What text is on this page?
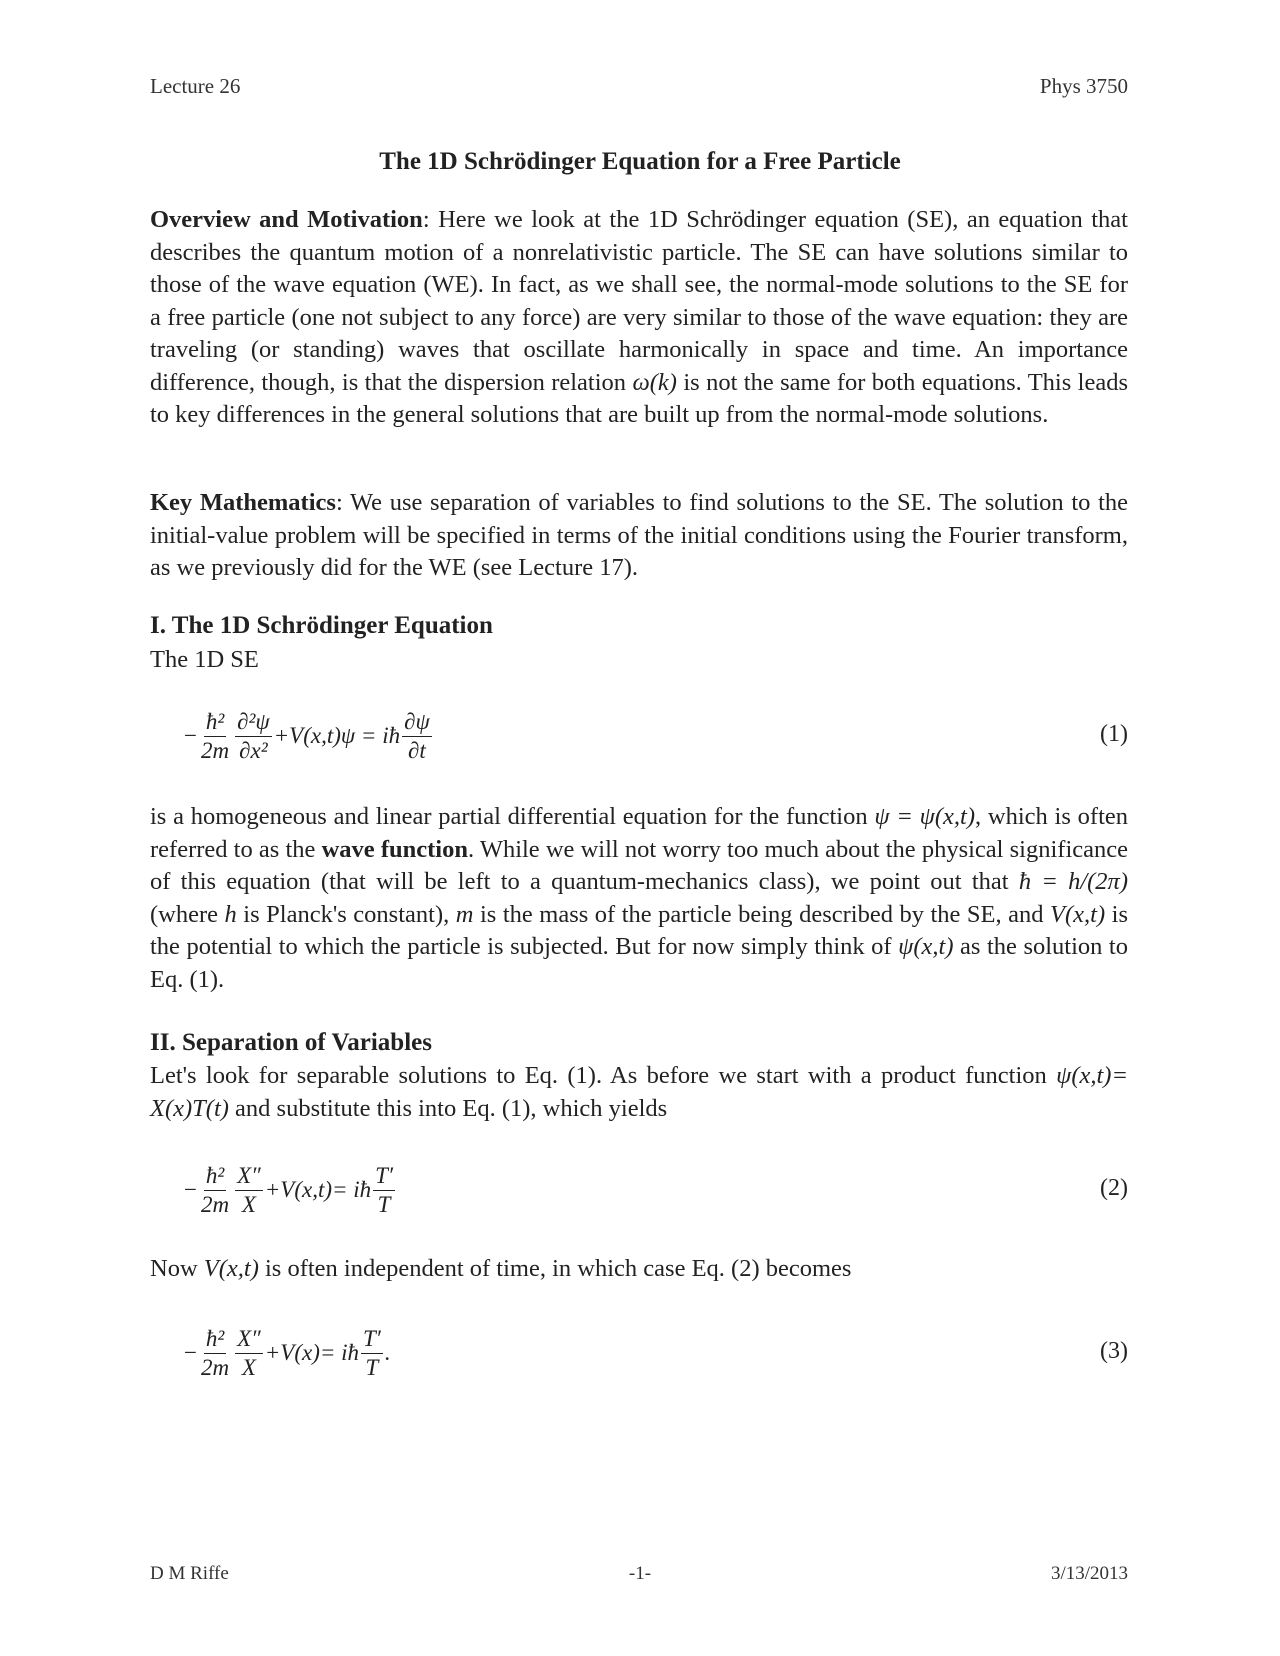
Lecture 26	Phys 3750
The 1D Schrödinger Equation for a Free Particle

Overview and Motivation: Here we look at the 1D Schrödinger equation (SE), an equation that describes the quantum motion of a nonrelativistic particle. The SE can have solutions similar to those of the wave equation (WE). In fact, as we shall see, the normal-mode solutions to the SE for a free particle (one not subject to any force) are very similar to those of the wave equation: they are traveling (or standing) waves that oscillate harmonically in space and time. An importance difference, though, is that the dispersion relation ω(k) is not the same for both equations. This leads to key differences in the general solutions that are built up from the normal-mode solutions.

Key Mathematics: We use separation of variables to find solutions to the SE. The solution to the initial-value problem will be specified in terms of the initial conditions using the Fourier transform, as we previously did for the WE (see Lecture 17).

I. The 1D Schrödinger Equation

The 1D SE

− $\frac{\text{ħ²}}{2m} \frac{\text{∂²ψ}}{\text{∂x²}} +V(x,t)\psi$ = iħ $\frac{\partial\psi}{\partial t}$	(1)

is a homogeneous and linear partial differential equation for the function ψ = ψ(x,t), which is often referred to as the wave function. While we will not worry too much about the physical significance of this equation (that will be left to a quantum-mechanics class), we point out that ħ = h/(2π) (where h is Planck's constant), m is the mass of the particle being described by the SE, and V(x,t) is the potential to which the particle is subjected. But for now simply think of ψ(x,t) as the solution to Eq. (1).

II. Separation of Variables

Let's look for separable solutions to Eq. (1). As before we start with a product function ψ(x,t)= X(x)T(t) and substitute this into Eq. (1), which yields

− $\frac{\text{ħ²}}{2m} \frac{X''}{X} +V(x,t)=$ iħ $\frac{T'}{T}$	(2)

Now V(x,t) is often independent of time, in which case Eq. (2) becomes

− $\frac{\text{ħ²}}{2m} \frac{X''}{X} +V(x)=$ iħ $\frac{T'}{T}$ .	(3)
D M Riffe	-1-	3/13/2013
